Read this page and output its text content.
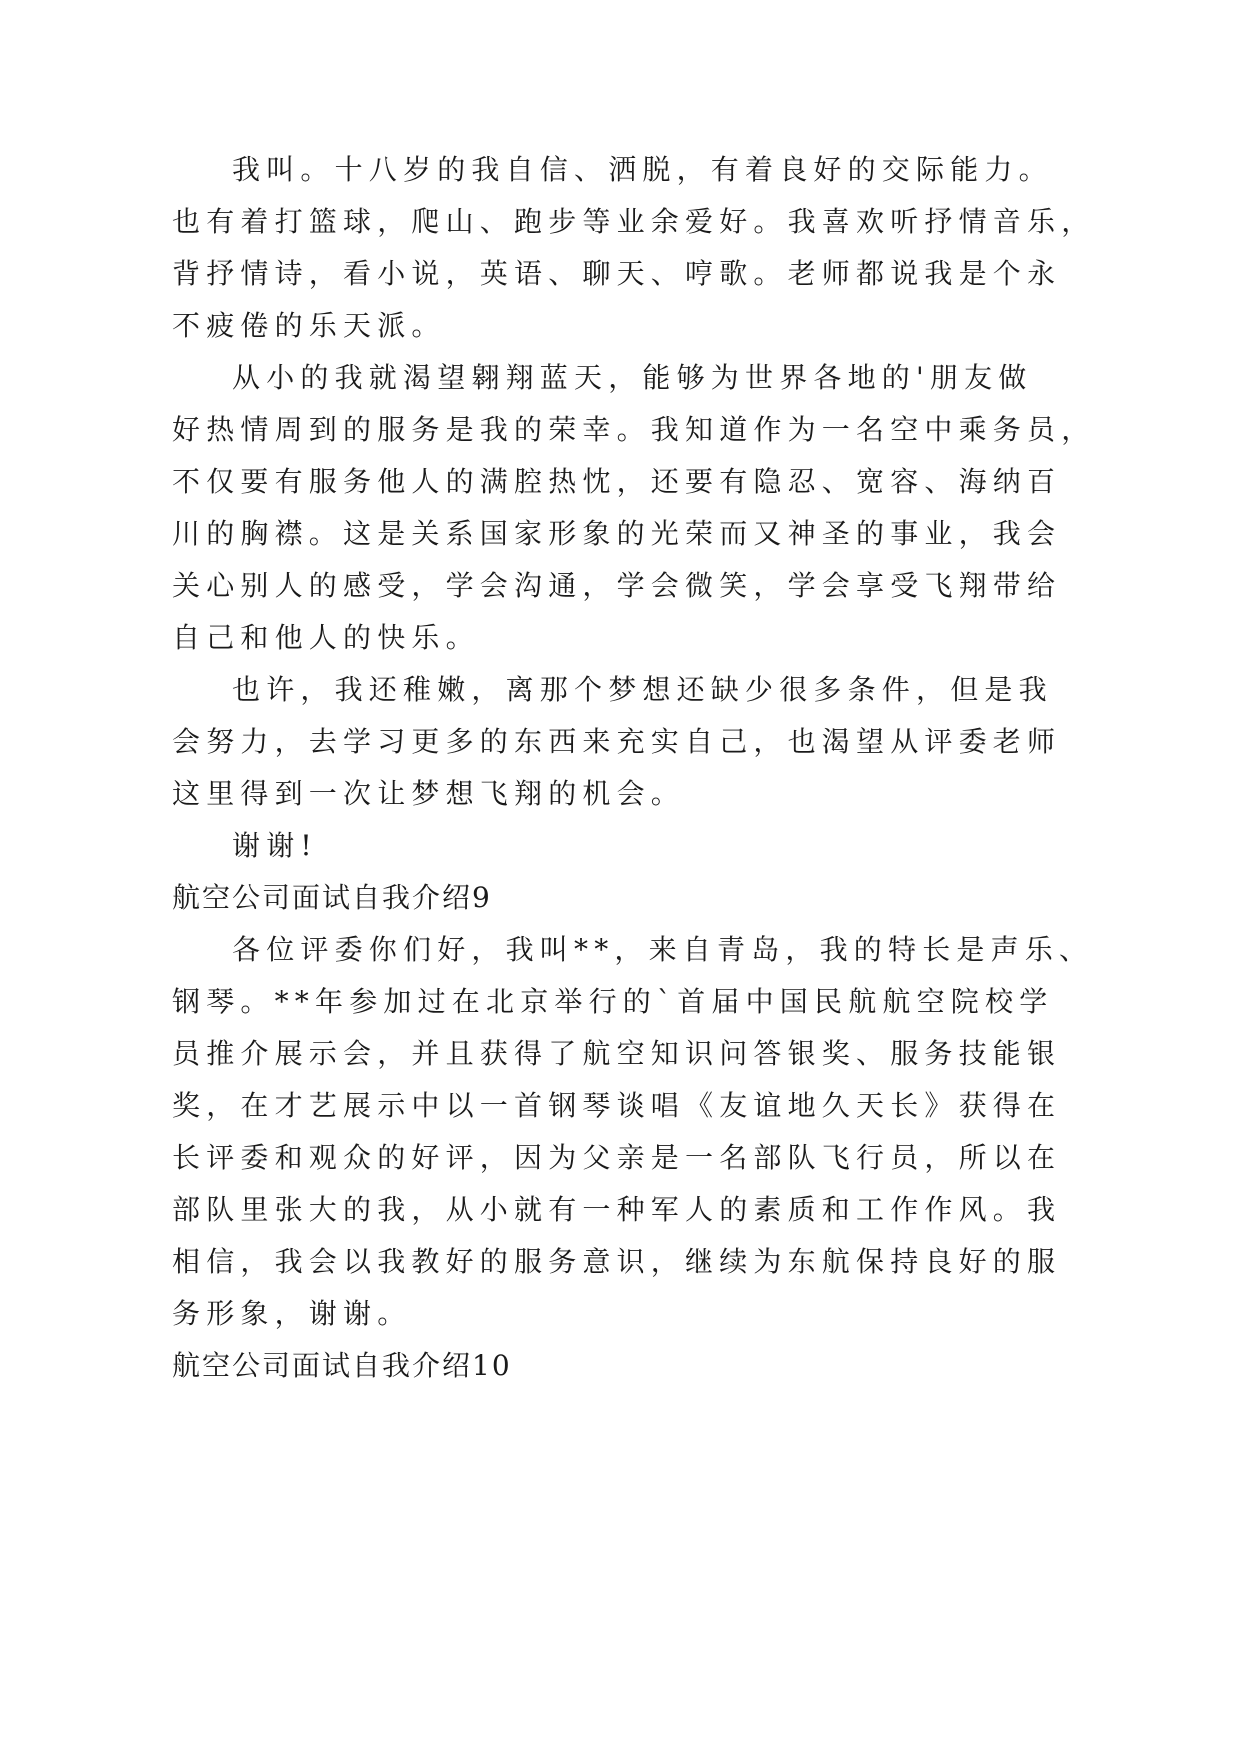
我叫。十八岁的我自信、洒脱，有着良好的交际能力。
也有着打篮球，爬山、跑步等业余爱好。我喜欢听抒情音乐，
背抒情诗，看小说，英语、聊天、哼歌。老师都说我是个永
不疲倦的乐天派。
从小的我就渴望翱翔蓝天，能够为世界各地的'朋友做
好热情周到的服务是我的荣幸。我知道作为一名空中乘务员，
不仅要有服务他人的满腔热忱，还要有隐忍、宽容、海纳百
川的胸襟。这是关系国家形象的光荣而又神圣的事业，我会
关心别人的感受，学会沟通，学会微笑，学会享受飞翔带给
自己和他人的快乐。
也许，我还稚嫩，离那个梦想还缺少很多条件，但是我
会努力，去学习更多的东西来充实自己，也渴望从评委老师
这里得到一次让梦想飞翔的机会。
谢谢!
航空公司面试自我介绍9
各位评委你们好，我叫**，来自青岛，我的特长是声乐、
钢琴。**年参加过在北京举行的`首届中国民航航空院校学
员推介展示会，并且获得了航空知识问答银奖、服务技能银
奖，在才艺展示中以一首钢琴谈唱《友谊地久天长》获得在
长评委和观众的好评，因为父亲是一名部队飞行员，所以在
部队里张大的我，从小就有一种军人的素质和工作作风。我
相信，我会以我教好的服务意识，继续为东航保持良好的服
务形象，谢谢。
航空公司面试自我介绍10
